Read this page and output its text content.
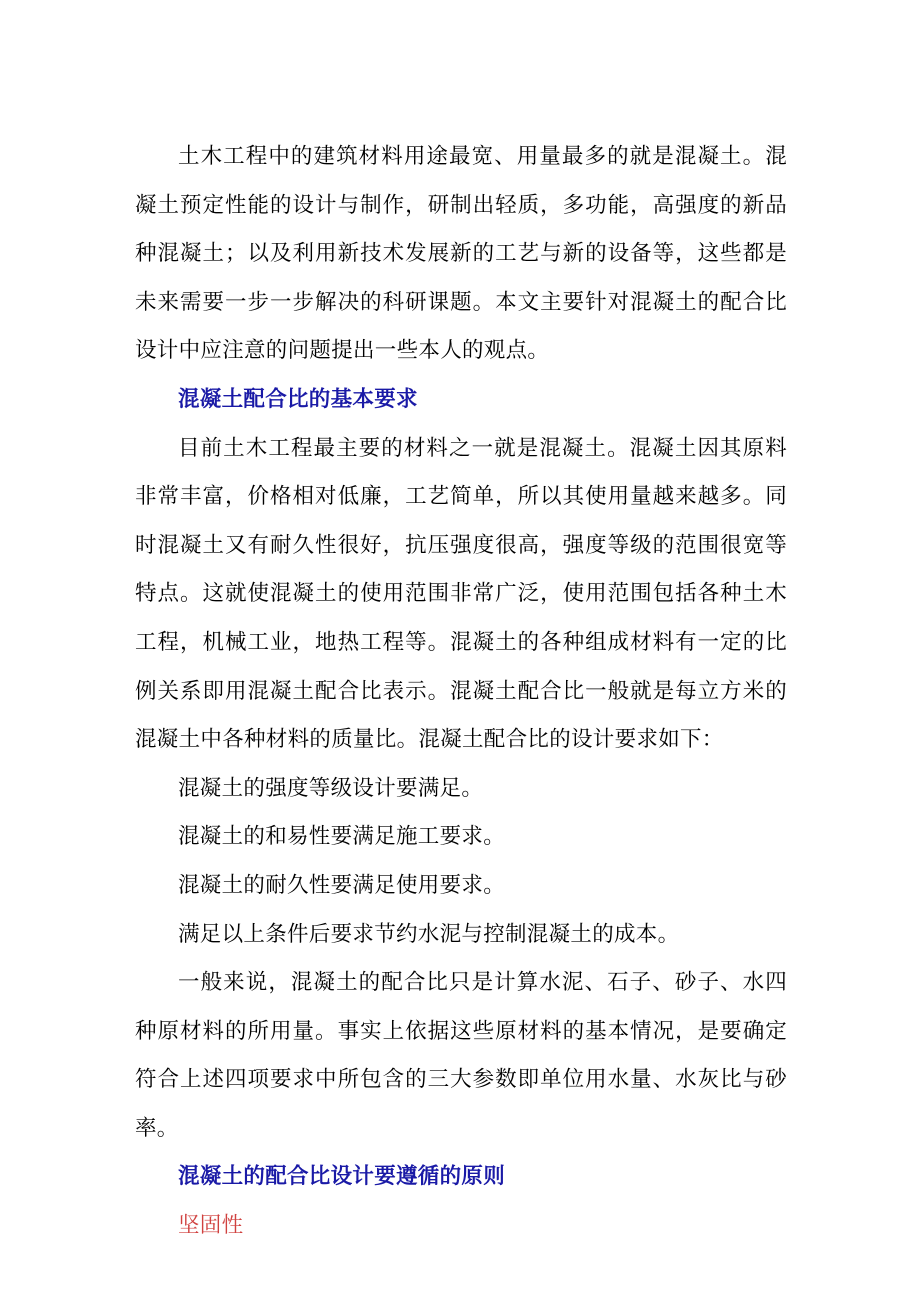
土木工程中的建筑材料用途最宽、用量最多的就是混凝土。混凝土预定性能的设计与制作，研制出轻质，多功能，高强度的新品种混凝土；以及利用新技术发展新的工艺与新的设备等，这些都是未来需要一步一步解决的科研课题。本文主要针对混凝土的配合比设计中应注意的问题提出一些本人的观点。

混凝土配合比的基本要求

目前土木工程最主要的材料之一就是混凝土。混凝土因其原料非常丰富，价格相对低廉，工艺简单，所以其使用量越来越多。同时混凝土又有耐久性很好，抗压强度很高，强度等级的范围很宽等特点。这就使混凝土的使用范围非常广泛，使用范围包括各种土木工程，机械工业，地热工程等。混凝土的各种组成材料有一定的比例关系即用混凝土配合比表示。混凝土配合比一般就是每立方米的混凝土中各种材料的质量比。混凝土配合比的设计要求如下：

混凝土的强度等级设计要满足。

混凝土的和易性要满足施工要求。

混凝土的耐久性要满足使用要求。

满足以上条件后要求节约水泥与控制混凝土的成本。

一般来说，混凝土的配合比只是计算水泥、石子、砂子、水四种原材料的所用量。事实上依据这些原材料的基本情况，是要确定符合上述四项要求中所包含的三大参数即单位用水量、水灰比与砂率。

混凝土的配合比设计要遵循的原则

坚固性
